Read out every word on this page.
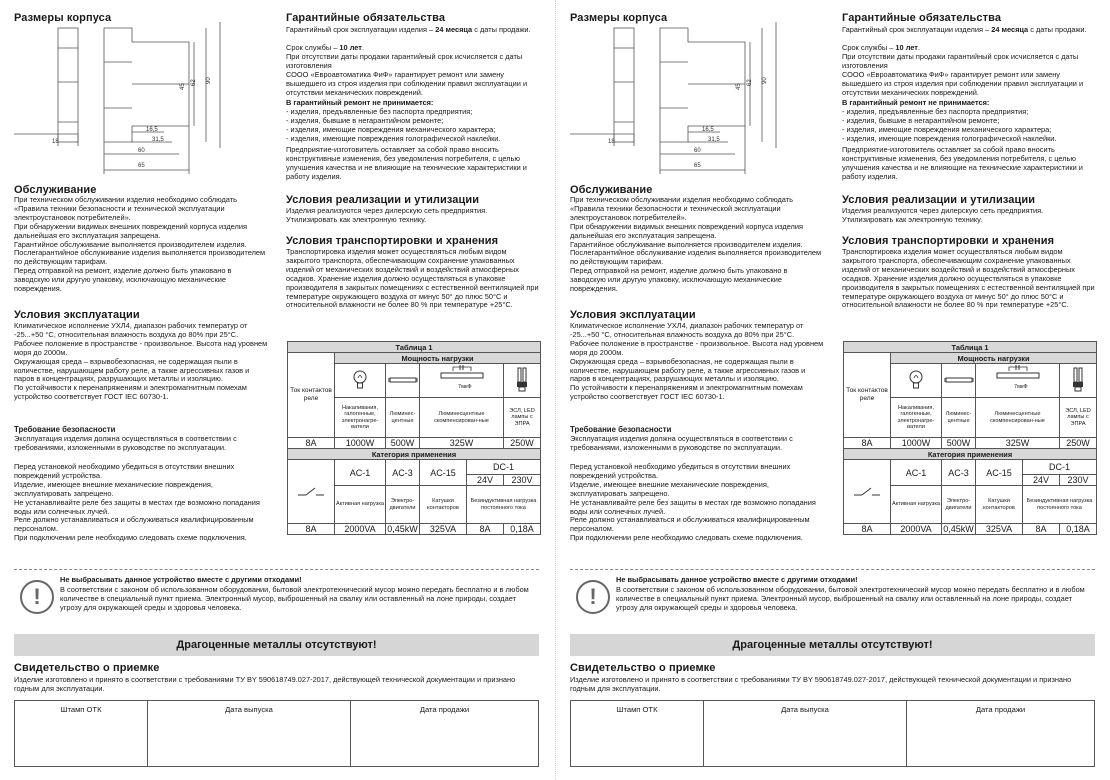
Размеры корпуса
18
16,5
31,5
60
65
45
62 90
Обслуживание

При техническом обслуживании изделия необходимо соблюдать «Правила техники безопасности и технической эксплуатации электроустановок потребителей».
При обнаружении видимых внешних повреждений корпуса изделия дальнейшая его эксплуатация запрещена.
Гарантийное обслуживание выполняется производителем изделия. Послегарантийное обслуживание изделия выполняется производителем по действующим тарифам.
Перед отправкой на ремонт, изделие должно быть упаковано в заводскую или другую упаковку, исключающую механические повреждения.

Условия эксплуатации

Климатическое исполнение УХЛ4, диапазон рабочих температур от -25...+50 °С, относительная влажность воздуха до 80% при 25°С. Рабочее положение в пространстве - произвольное. Высота над уровнем моря до 2000м.
Окружающая среда – взрывобезопасная, не содержащая пыли в количестве, нарушающем работу реле, а также агрессивных газов и паров в концентрациях, разрушающих металлы и изоляцию.
По устойчивости к перенапряжениям и электромагнитным помехам устройство соответствует ГОСТ IEC 60730-1.

Требование безопасности

Эксплуатация изделия должна осуществляться в соответствии с требованиями, изложенными в руководстве по эксплуатации.

Перед установкой необходимо убедиться в отсутствии внешних повреждений устройства.
Изделие, имеющее внешние механические повреждения, эксплуатировать запрещено.
Не устанавливайте реле без защиты в местах где возможно попадания воды или солнечных лучей.
Реле должно устанавливаться и обслуживаться квалифицированным персоналом.
При подключении реле необходимо следовать схеме подключения.

Гарантийные обязательства

Гарантийный срок эксплуатации изделия – 24 месяца с даты продажи.

Срок службы – 10 лет.

При отсутствии даты продажи гарантийный срок исчисляется с даты изготовления
СООО «Евроавтоматика ФиФ» гарантирует ремонт или замену вышедшего из строя изделия при соблюдении правил эксплуатации и отсутствии механических повреждений.

В гарантийный ремонт не принимается:

- изделия, предъявленные без паспорта предприятия;
- изделия, бывшие в негарантийном ремонте;
- изделия, имеющие повреждения механического характера;
- изделия, имеющие повреждения голографической наклейки.

Предприятие-изготовитель оставляет за собой право вносить конструктивные изменения, без уведомления потребителя, с целью улучшения качества и не влияющие на технические характеристики и работу изделия.

Условия реализации и утилизации

Изделия реализуются через дилерскую сеть предприятия.
Утилизировать как электронную технику.

Условия транспортировки и хранения

Транспортировка изделия может осуществляться любым видом закрытого транспорта, обеспечивающим сохранение упакованных изделий от механических воздействий и воздействий атмосферных осадков. Хранение изделия должно осуществляться в упаковке производителя в закрытых помещениях с естественной вентиляцией при температуре окружающего воздуха от минус 50° до плюс 50°С и относительной влажности не более 80 % при температуре +25°С.

Таблица 1					
Ток контактов реле	Мощность нагрузки				

7мкФ

	Накаливания, галогенные, электронагре-ватели	Люминес-центные	Люминесцентные скомпенсирован-ные		ЭСЛ, LED лампы с ЭПРА
8A	1000W	500W	325W		250W
Категория применения					
	AC-1	AC-3	AC-15	DC-1	
				24V	230V
	Активная нагрузка	Электро-двигатели	Катушки контакторов	Безиндуктивная нагрузка постоянного тока	
8A	2000VA	0,45kW	325VA	8A	0,18A
!

Не выбрасывать данное устройство вместе с другими отходами!

В соответствии с законом об использованном оборудовании, бытовой электротехнический мусор можно передать бесплатно и в любом количестве в специальный пункт приема. Электронный мусор, выброшенный на свалку или оставленный на лоне природы, создает угрозу для окружающей среды и здоровья человека.

Драгоценные металлы отсутствуют!
Свидетельство о приемке

Изделие изготовлено и принято в соответствии с требованиями ТУ BY 590618749.027-2017, действующей технической документации и признано годным для эксплуатации.

Штамп ОТК	Дата выпуска	Дата продажи
Размеры корпуса
18
16,5
31,5
60
65
45
62 90
Обслуживание

При техническом обслуживании изделия необходимо соблюдать «Правила техники безопасности и технической эксплуатации электроустановок потребителей».
При обнаружении видимых внешних повреждений корпуса изделия дальнейшая его эксплуатация запрещена.
Гарантийное обслуживание выполняется производителем изделия. Послегарантийное обслуживание изделия выполняется производителем по действующим тарифам.
Перед отправкой на ремонт, изделие должно быть упаковано в заводскую или другую упаковку, исключающую механические повреждения.

Условия эксплуатации

Климатическое исполнение УХЛ4, диапазон рабочих температур от -25...+50 °С, относительная влажность воздуха до 80% при 25°С. Рабочее положение в пространстве - произвольное. Высота над уровнем моря до 2000м.
Окружающая среда – взрывобезопасная, не содержащая пыли в количестве, нарушающем работу реле, а также агрессивных газов и паров в концентрациях, разрушающих металлы и изоляцию.
По устойчивости к перенапряжениям и электромагнитным помехам устройство соответствует ГОСТ IEC 60730-1.

Требование безопасности

Эксплуатация изделия должна осуществляться в соответствии с требованиями, изложенными в руководстве по эксплуатации.

Перед установкой необходимо убедиться в отсутствии внешних повреждений устройства.
Изделие, имеющее внешние механические повреждения, эксплуатировать запрещено.
Не устанавливайте реле без защиты в местах где возможно попадания воды или солнечных лучей.
Реле должно устанавливаться и обслуживаться квалифицированным персоналом.
При подключении реле необходимо следовать схеме подключения.

Гарантийные обязательства

Гарантийный срок эксплуатации изделия – 24 месяца с даты продажи.

Срок службы – 10 лет.

При отсутствии даты продажи гарантийный срок исчисляется с даты изготовления
СООО «Евроавтоматика ФиФ» гарантирует ремонт или замену вышедшего из строя изделия при соблюдении правил эксплуатации и отсутствии механических повреждений.

В гарантийный ремонт не принимается:

- изделия, предъявленные без паспорта предприятия;
- изделия, бывшие в негарантийном ремонте;
- изделия, имеющие повреждения механического характера;
- изделия, имеющие повреждения голографической наклейки.

Предприятие-изготовитель оставляет за собой право вносить конструктивные изменения, без уведомления потребителя, с целью улучшения качества и не влияющие на технические характеристики и работу изделия.

Условия реализации и утилизации

Изделия реализуются через дилерскую сеть предприятия.
Утилизировать как электронную технику.

Условия транспортировки и хранения

Транспортировка изделия может осуществляться любым видом закрытого транспорта, обеспечивающим сохранение упакованных изделий от механических воздействий и воздействий атмосферных осадков. Хранение изделия должно осуществляться в упаковке производителя в закрытых помещениях с естественной вентиляцией при температуре окружающего воздуха от минус 50° до плюс 50°С и относительной влажности не более 80 % при температуре +25°С.

Таблица 1					
Ток контактов реле	Мощность нагрузки				

7мкФ

	Накаливания, галогенные, электронагре-ватели	Люминес-центные	Люминесцентные скомпенсирован-ные		ЭСЛ, LED лампы с ЭПРА
8A	1000W	500W	325W		250W
Категория применения					
	AC-1	AC-3	AC-15	DC-1	
				24V	230V
	Активная нагрузка	Электро-двигатели	Катушки контакторов	Безиндуктивная нагрузка постоянного тока	
8A	2000VA	0,45kW	325VA	8A	0,18A
!

Не выбрасывать данное устройство вместе с другими отходами!

В соответствии с законом об использованном оборудовании, бытовой электротехнический мусор можно передать бесплатно и в любом количестве в специальный пункт приема. Электронный мусор, выброшенный на свалку или оставленный на лоне природы, создает угрозу для окружающей среды и здоровья человека.

Драгоценные металлы отсутствуют!
Свидетельство о приемке

Изделие изготовлено и принято в соответствии с требованиями ТУ BY 590618749.027-2017, действующей технической документации и признано годным для эксплуатации.

Штамп ОТК	Дата выпуска	Дата продажи
